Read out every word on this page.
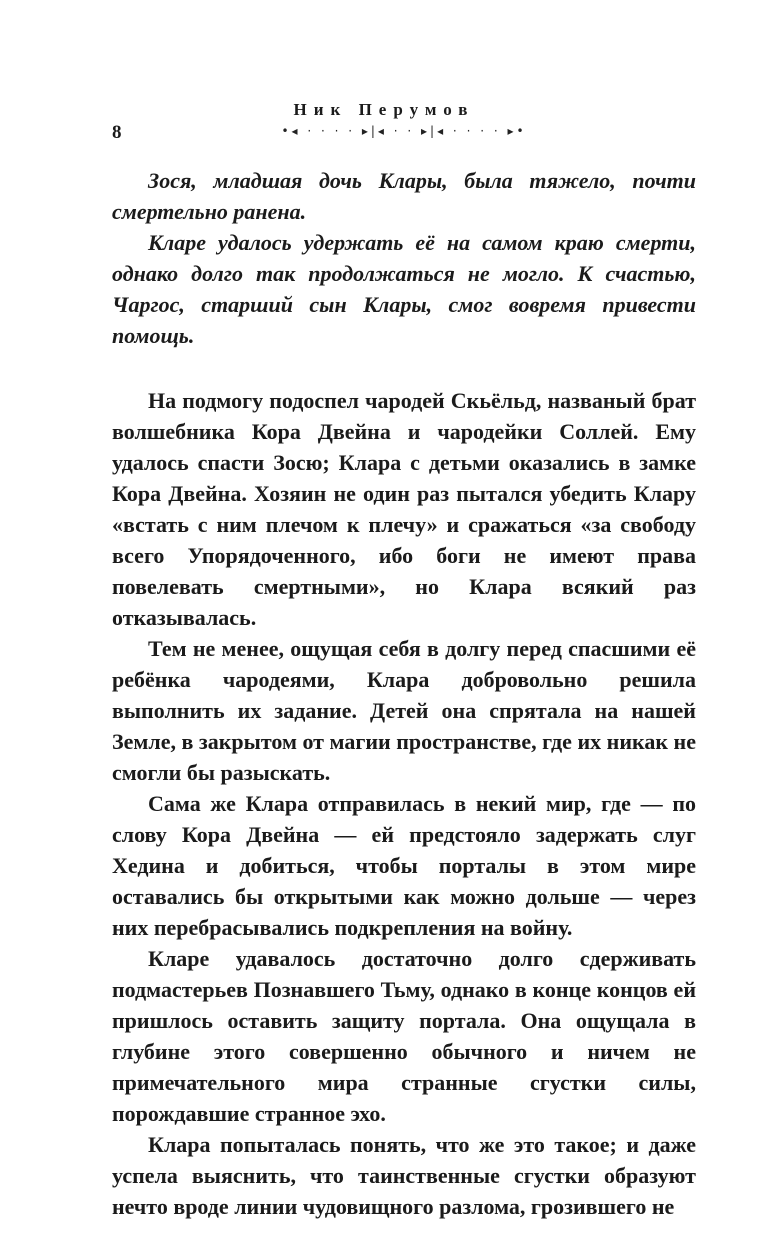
Ник Перумов
8	•◂ · · · · ▸|◂ · · ▸|◂ · · · · ▸•

Зося, младшая дочь Клары, была тяжело, почти смертельно ранена.

Кларе удалось удержать её на самом краю смерти, однако долго так продолжаться не могло. К счастью, Чаргос, старший сын Клары, смог вовремя привести помощь.

На подмогу подоспел чародей Скьёльд, названый брат волшебника Кора Двейна и чародейки Соллей. Ему удалось спасти Зосю; Клара с детьми оказались в замке Кора Двейна. Хозяин не один раз пытался убедить Клару «встать с ним плечом к плечу» и сражаться «за свободу всего Упорядоченного, ибо боги не имеют права повелевать смертными», но Клара всякий раз отказывалась.

Тем не менее, ощущая себя в долгу перед спасшими её ребёнка чародеями, Клара добровольно решила выполнить их задание. Детей она спрятала на нашей Земле, в закрытом от магии пространстве, где их никак не смогли бы разыскать.

Сама же Клара отправилась в некий мир, где — по слову Кора Двейна — ей предстояло задержать слуг Хедина и добиться, чтобы порталы в этом мире оставались бы открытыми как можно дольше — через них перебрасывались подкрепления на войну.

Кларе удавалось достаточно долго сдерживать подмастерьев Познавшего Тьму, однако в конце концов ей пришлось оставить защиту портала. Она ощущала в глубине этого совершенно обычного и ничем не примечательного мира странные сгустки силы, порождавшие странное эхо.

Клара попыталась понять, что же это такое; и даже успела выяснить, что таинственные сгустки образуют нечто вроде линии чудовищного разлома, грозившего не
